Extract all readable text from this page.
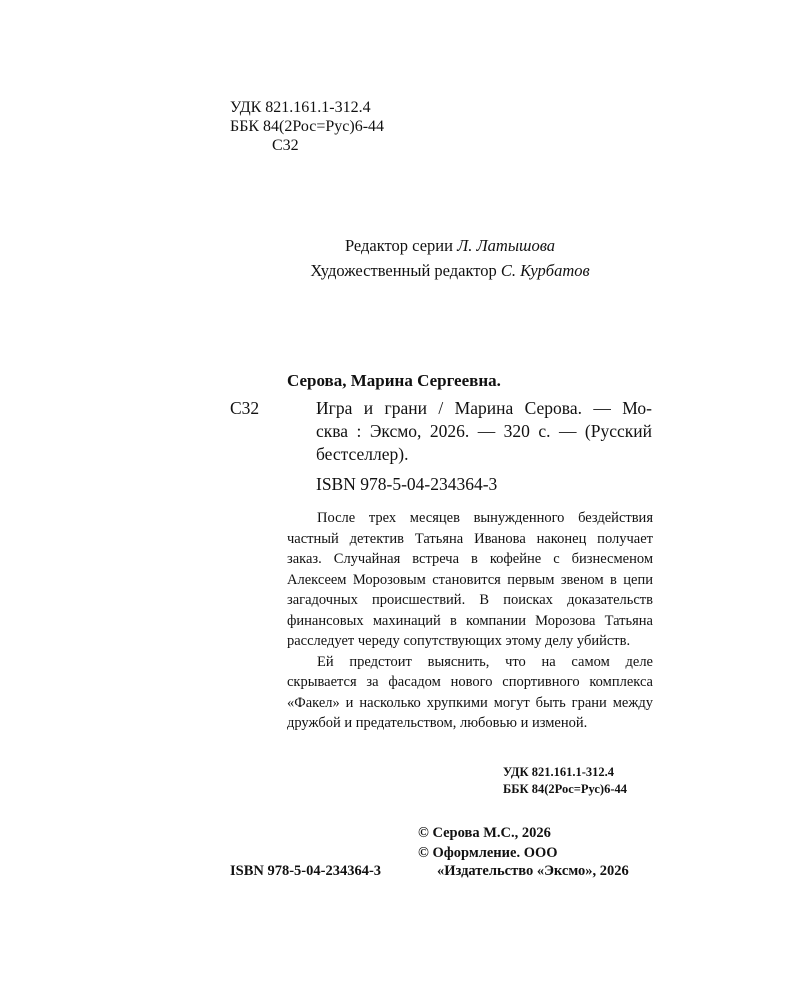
УДК 821.161.1-312.4
ББК 84(2Рос=Рус)6-44
С32
Редактор серии Л. Латышова
Художественный редактор С. Курбатов
Серова, Марина Сергеевна.
С32	Игра и грани / Марина Серова. — Мо-
сква : Эксмо, 2026. — 320 с. — (Русский
бестселлер).
ISBN 978-5-04-234364-3

После трех месяцев вынужденного бездействия частный детектив Татьяна Иванова наконец получает заказ. Случайная встреча в кофейне с бизнесменом Алексеем Морозовым становится первым звеном в цепи загадочных происшествий. В поисках доказательств финансовых махинаций в компании Морозова Татьяна расследует череду сопутствующих этому делу убийств.

Ей предстоит выяснить, что на самом деле скрывается за фасадом нового спортивного комплекса «Факел» и насколько хрупкими могут быть грани между дружбой и предательством, любовью и изменой.

УДК 821.161.1-312.4
ББК 84(2Рос=Рус)6-44
© Серова М.С., 2026
© Оформление. ООО
ISBN 978-5-04-234364-3	«Издательство «Эксмо», 2026
